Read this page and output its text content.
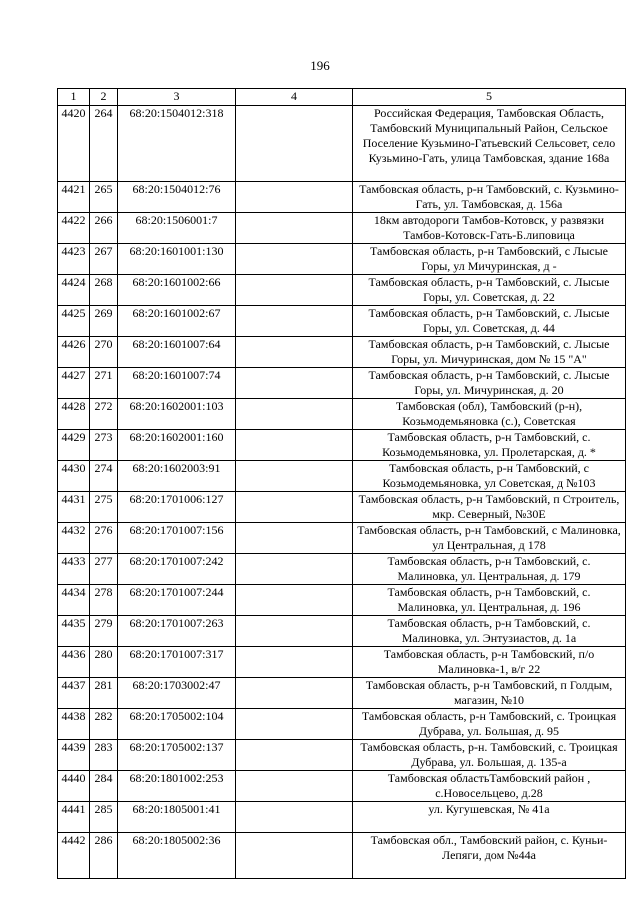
196
1	2	3	4	5
4420	264	68:20:1504012:318		Российская Федерация, Тамбовская Область, Тамбовский Муниципальный Район, Сельское Поселение Кузьмино-Гатьевский Сельсовет, село Кузьмино-Гать, улица Тамбовская, здание 168а
4421	265	68:20:1504012:76		Тамбовская область, р-н Тамбовский, с. Кузьмино-Гать, ул. Тамбовская, д. 156а
4422	266	68:20:1506001:7		18км автодороги Тамбов-Котовск, у развязки Тамбов-Котовск-Гать-Б.липовица
4423	267	68:20:1601001:130		Тамбовская область, р-н Тамбовский, с Лысые Горы, ул Мичуринская, д -
4424	268	68:20:1601002:66		Тамбовская область, р-н Тамбовский, с. Лысые Горы, ул. Советская, д. 22
4425	269	68:20:1601002:67		Тамбовская область, р-н Тамбовский, с. Лысые Горы, ул. Советская, д. 44
4426	270	68:20:1601007:64		Тамбовская область, р-н Тамбовский, с. Лысые Горы, ул. Мичуринская, дом № 15 "А"
4427	271	68:20:1601007:74		Тамбовская область, р-н Тамбовский, с. Лысые Горы, ул. Мичуринская, д. 20
4428	272	68:20:1602001:103		Тамбовская (обл), Тамбовский (р-н), Козьмодемьяновка (с.), Советская
4429	273	68:20:1602001:160		Тамбовская область, р-н Тамбовский, с. Козьмодемьяновка, ул. Пролетарская, д. *
4430	274	68:20:1602003:91		Тамбовская область, р-н Тамбовский, с Козьмодемьяновка, ул Советская, д №103
4431	275	68:20:1701006:127		Тамбовская область, р-н Тамбовский, п Строитель, мкр. Северный, №30Е
4432	276	68:20:1701007:156		Тамбовская область, р-н Тамбовский, с Малиновка, ул Центральная, д 178
4433	277	68:20:1701007:242		Тамбовская область, р-н Тамбовский, с. Малиновка, ул. Центральная, д. 179
4434	278	68:20:1701007:244		Тамбовская область, р-н Тамбовский, с. Малиновка, ул. Центральная, д. 196
4435	279	68:20:1701007:263		Тамбовская область, р-н Тамбовский, с. Малиновка, ул. Энтузиастов, д. 1а
4436	280	68:20:1701007:317		Тамбовская область, р-н Тамбовский, п/о Малиновка-1, в/г 22
4437	281	68:20:1703002:47		Тамбовская область, р-н Тамбовский, п Голдым, магазин, №10
4438	282	68:20:1705002:104		Тамбовская область, р-н Тамбовский, с. Троицкая Дубрава, ул. Большая, д. 95
4439	283	68:20:1705002:137		Тамбовская область, р-н. Тамбовский, с. Троицкая Дубрава, ул. Большая, д. 135-а
4440	284	68:20:1801002:253		Тамбовская областьТамбовский район , с.Новосельцево, д.28
4441	285	68:20:1805001:41		ул. Кугушевская, № 41а
4442	286	68:20:1805002:36		Тамбовская обл., Тамбовский район, с. Куньи-Лепяги, дом №44а
